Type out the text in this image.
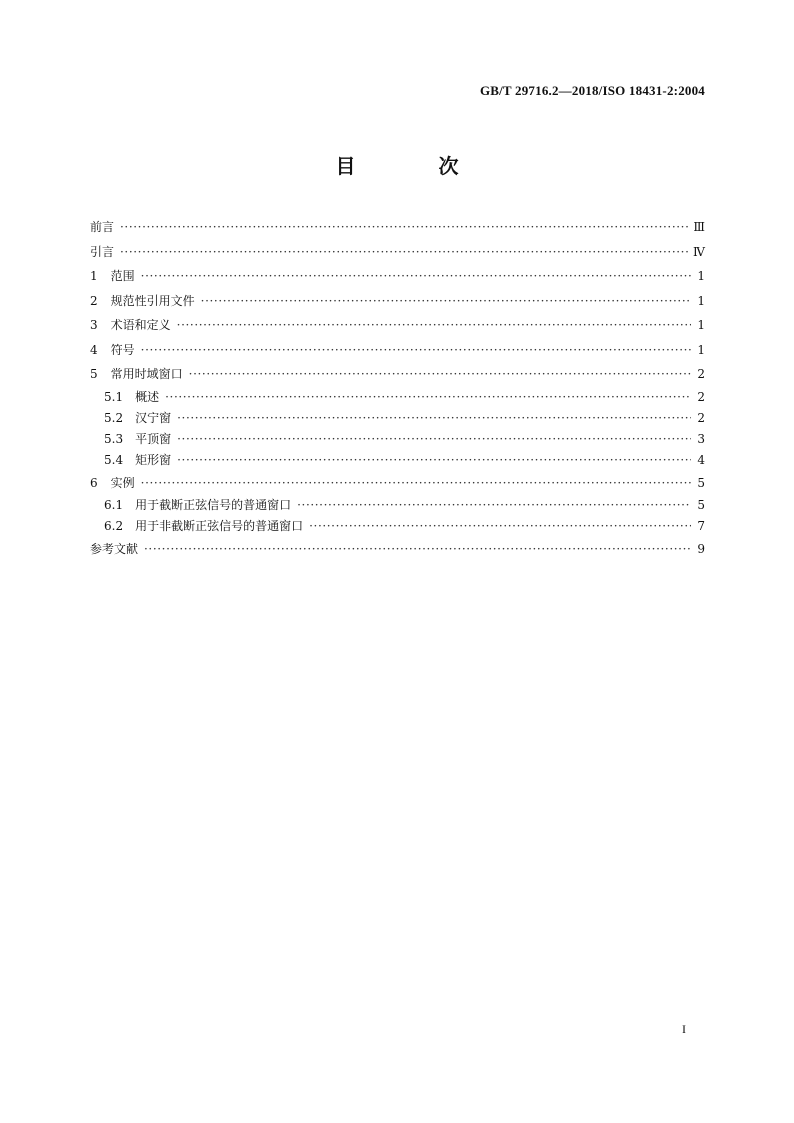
GB/T 29716.2—2018/ISO 18431-2:2004
目 次
前言 ·····	Ⅲ
引言 ·····	Ⅳ
1 范围 ·····	1
2 规范性引用文件 ·····	1
3 术语和定义 ·····	1
4 符号 ·····	1
5 常用时域窗口 ·····	2
5.1 概述 ·····	2
5.2 汉宁窗 ·····	2
5.3 平顶窗 ·····	3
5.4 矩形窗 ·····	4
6 实例 ·····	5
6.1 用于截断正弦信号的普通窗口 ·····	5
6.2 用于非截断正弦信号的普通窗口 ·····	7
参考文献 ·····	9
I
